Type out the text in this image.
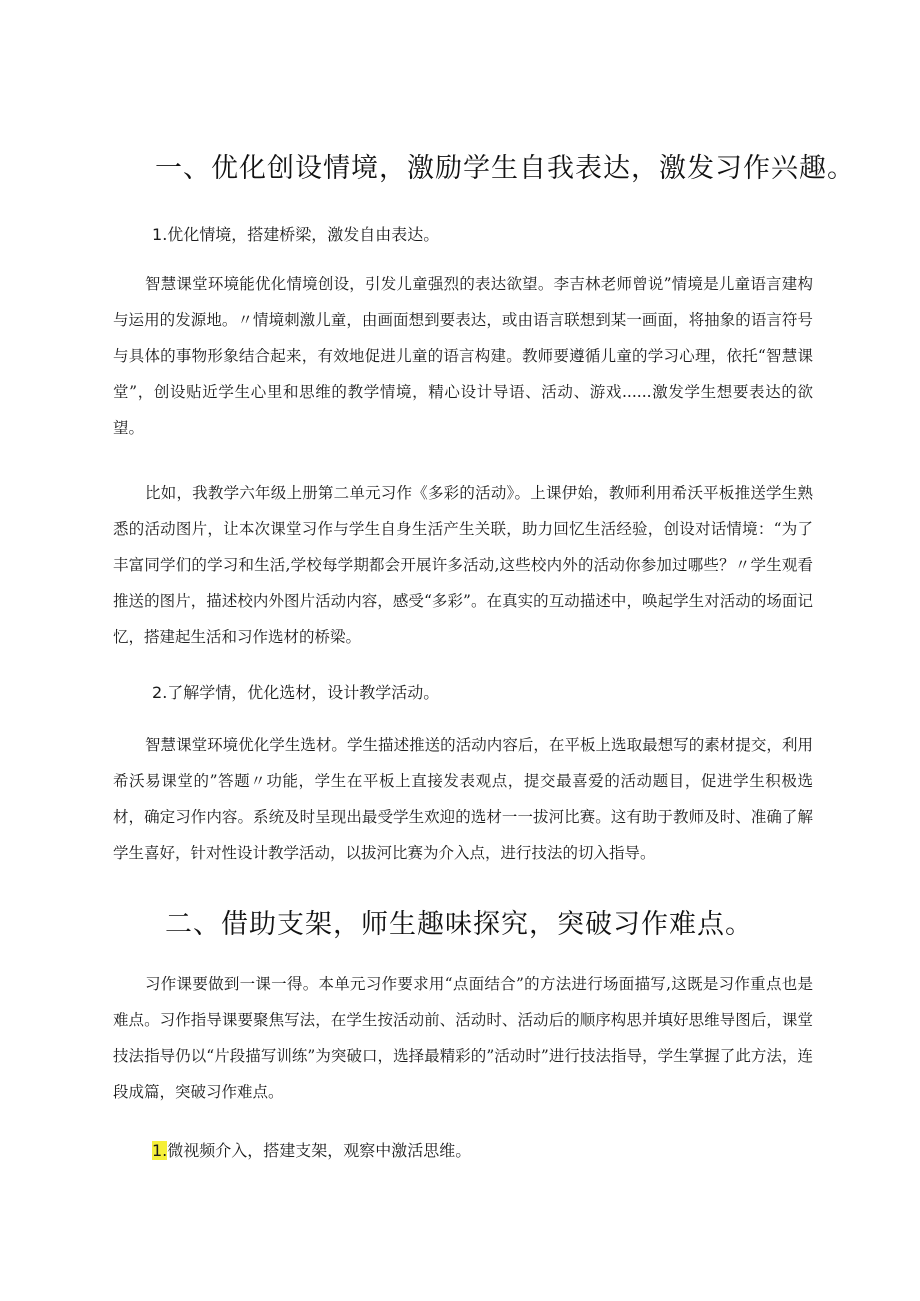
一、优化创设情境，激励学生自我表达，激发习作兴趣。
1.优化情境，搭建桥梁，激发自由表达。

智慧课堂环境能优化情境创设，引发儿童强烈的表达欲望。李吉林老师曾说”情境是儿童语言建构与运用的发源地。〃情境刺激儿童，由画面想到要表达，或由语言联想到某一画面，将抽象的语言符号与具体的事物形象结合起来，有效地促进儿童的语言构建。教师要遵循儿童的学习心理，依托“智慧课堂”，创设贴近学生心里和思维的教学情境，精心设计导语、活动、游戏......激发学生想要表达的欲望。

比如，我教学六年级上册第二单元习作《多彩的活动》。上课伊始，教师利用希沃平板推送学生熟悉的活动图片，让本次课堂习作与学生自身生活产生关联，助力回忆生活经验，创设对话情境：“为了丰富同学们的学习和生活,学校每学期都会开展许多活动,这些校内外的活动你参加过哪些？〃学生观看推送的图片，描述校内外图片活动内容，感受“多彩”。在真实的互动描述中，唤起学生对活动的场面记忆，搭建起生活和习作选材的桥梁。

2.了解学情，优化选材，设计教学活动。

智慧课堂环境优化学生选材。学生描述推送的活动内容后，在平板上选取最想写的素材提交，利用希沃易课堂的”答题〃功能，学生在平板上直接发表观点，提交最喜爱的活动题目，促进学生积极选材，确定习作内容。系统及时呈现出最受学生欢迎的选材一一拔河比赛。这有助于教师及时、准确了解学生喜好，针对性设计教学活动，以拔河比赛为介入点，进行技法的切入指导。

二、借助支架，师生趣味探究，突破习作难点。

习作课要做到一课一得。本单元习作要求用“点面结合”的方法进行场面描写,这既是习作重点也是难点。习作指导课要聚焦写法，在学生按活动前、活动时、活动后的顺序构思并填好思维导图后，课堂技法指导仍以“片段描写训练”为突破口，选择最精彩的”活动时”进行技法指导，学生掌握了此方法，连段成篇，突破习作难点。

1.微视频介入，搭建支架，观察中激活思维。
